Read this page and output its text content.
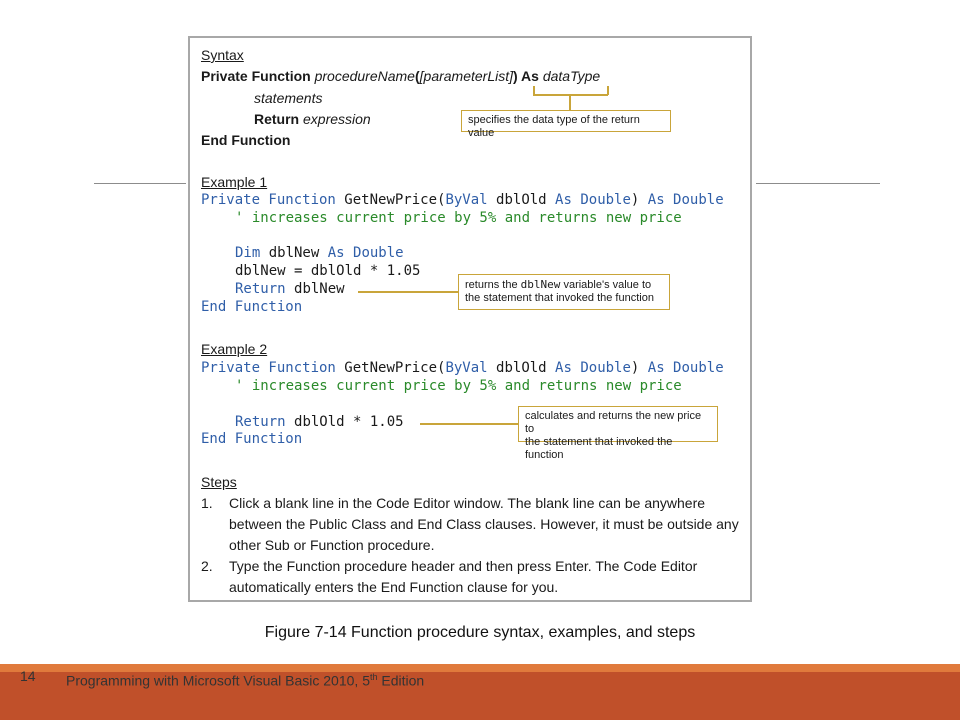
Syntax
Private Function procedureName([parameterList]) As dataType
statements
Return expression
End Function
specifies the data type of the return value
Example 1
Private Function GetNewPrice(ByVal dblOld As Double) As Double
' increases current price by 5% and returns new price
Dim dblNew As Double
dblNew = dblOld * 1.05
Return dblNew
End Function
returns the dblNew variable's value to
the statement that invoked the function
Example 2
Private Function GetNewPrice(ByVal dblOld As Double) As Double
' increases current price by 5% and returns new price
Return dblOld * 1.05
End Function
calculates and returns the new price to
the statement that invoked the function
Steps
1. Click a blank line in the Code Editor window. The blank line can be anywhere
between the Public Class and End Class clauses. However, it must be outside any
other Sub or Function procedure.
2. Type the Function procedure header and then press Enter. The Code Editor
automatically enters the End Function clause for you.
Figure 7-14 Function procedure syntax, examples, and steps
14 Programming with Microsoft Visual Basic 2010, 5th Edition
